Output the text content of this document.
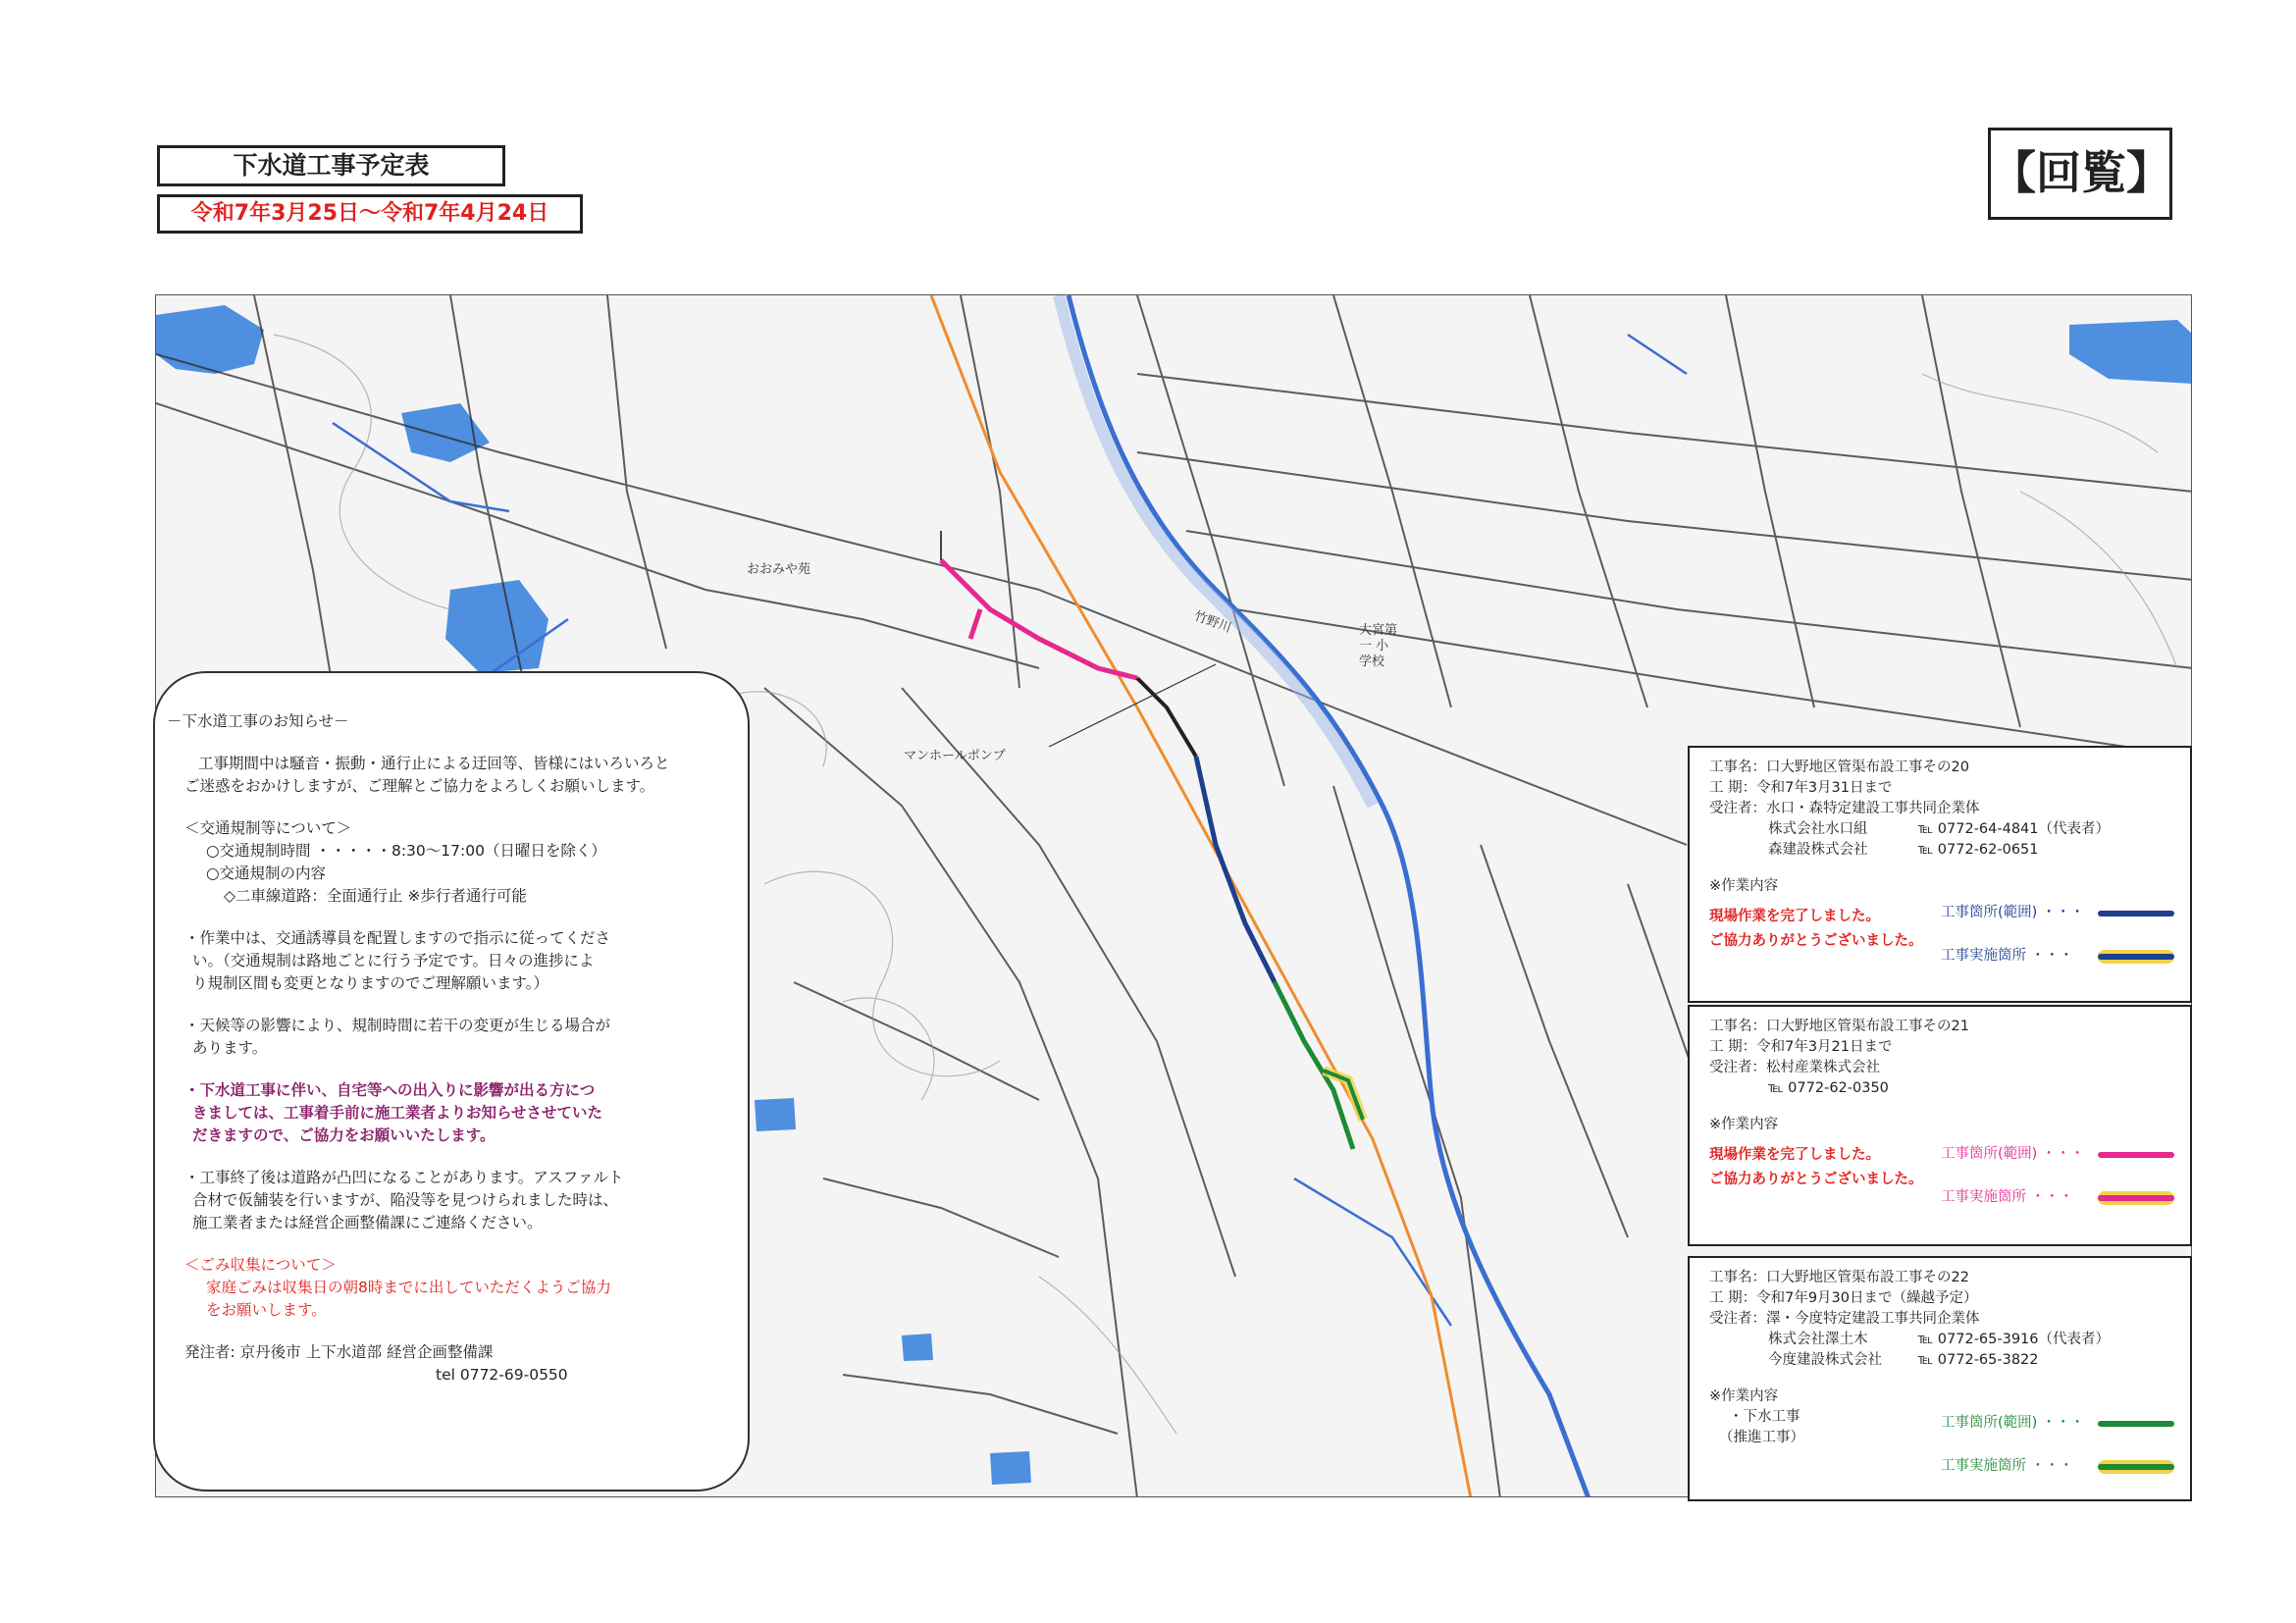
下水道工事予定表
令和7年3月25日～令和7年4月24日
【回覧】
おおみや苑
マンホールポンプ
大宮第一 小学校
竹野川

－下水道工事のお知らせ－

工事期間中は騒音・振動・通行止による迂回等、皆様にはいろいろと

ご迷惑をおかけしますが、ご理解とご協力をよろしくお願いします。

＜交通規制等について＞

○交通規制時間 ・・・・・8:30～17:00（日曜日を除く）

○交通規制の内容

◇二車線道路：全面通行止 ※歩行者通行可能

・作業中は、交通誘導員を配置しますので指示に従ってくださ

い。（交通規制は路地ごとに行う予定です。日々の進捗によ

り規制区間も変更となりますのでご理解願います。）

・天候等の影響により、規制時間に若干の変更が生じる場合が

あります。

・下水道工事に伴い、自宅等への出入りに影響が出る方につ

きましては、工事着手前に施工業者よりお知らせさせていた

だきますので、ご協力をお願いいたします。

・工事終了後は道路が凸凹になることがあります。アスファルト

合材で仮舗装を行いますが、陥没等を見つけられました時は、

施工業者または経営企画整備課にご連絡ください。

＜ごみ収集について＞

家庭ごみは収集日の朝8時までに出していただくようご協力

をお願いします。

発注者: 京丹後市 上下水道部 経営企画整備課

tel 0772-69-0550

工事名：口大野地区管渠布設工事その20
工 期：令和7年3月31日まで
受注者：水口・森特定建設工事共同企業体
株式会社水口組	℡ 0772-64-4841（代表者）
森建設株式会社	℡ 0772-62-0651
※作業内容
現場作業を完了しました。
ご協力ありがとうございました。
工事箇所(範囲) ・・・
工事実施箇所 ・・・
工事名：口大野地区管渠布設工事その21
工 期：令和7年3月21日まで
受注者：松村産業株式会社
℡ 0772-62-0350
※作業内容
現場作業を完了しました。
ご協力ありがとうございました。
工事箇所(範囲) ・・・
工事実施箇所 ・・・
工事名：口大野地区管渠布設工事その22
工 期：令和7年9月30日まで（繰越予定）
受注者：澤・今度特定建設工事共同企業体
株式会社澤土木	℡ 0772-65-3916（代表者）
今度建設株式会社	℡ 0772-65-3822
※作業内容
・下水工事
（推進工事）
工事箇所(範囲) ・・・
工事実施箇所 ・・・
